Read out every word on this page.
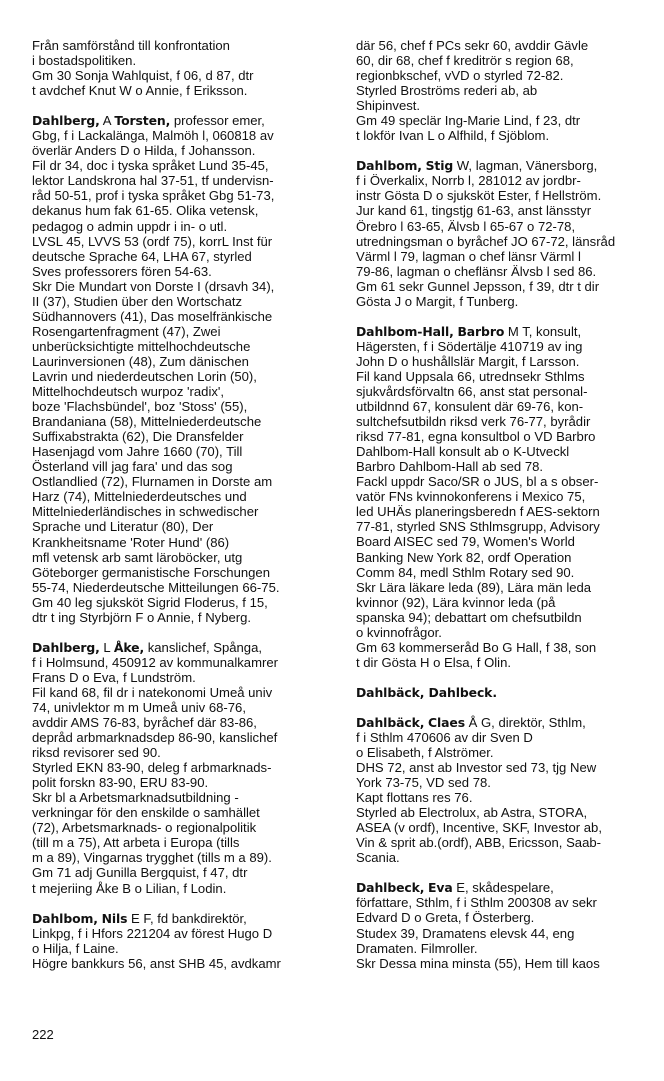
Från samförstånd till konfrontation
i bostadspolitiken.
Gm 30 Sonja Wahlquist, f 06, d 87, dtr
t avdchef Knut W o Annie, f Eriksson.
Dahlberg, A Torsten, professor emer,
Gbg, f i Lackalänga, Malmöh l, 060818 av
överlär Anders D o Hilda, f Johansson.
Fil dr 34, doc i tyska språket Lund 35-45,
lektor Landskrona hal 37-51, tf undervisn-
råd 50-51, prof i tyska språket Gbg 51-73,
dekanus hum fak 61-65. Olika vetensk,
pedagog o admin uppdr i in- o utl.
LVSL 45, LVVS 53 (ordf 75), korrL Inst für
deutsche Sprache 64, LHA 67, styrled
Sves professorers fören 54-63.
Skr Die Mundart von Dorste I (drsavh 34),
II (37), Studien über den Wortschatz
Südhannovers (41), Das moselfränkische
Rosengartenfragment (47), Zwei
unberücksichtigte mittelhochdeutsche
Laurinversionen (48), Zum dänischen
Lavrin und niederdeutschen Lorin (50),
Mittelhochdeutsch wurpoz 'radix',
boze 'Flachsbündel', boz 'Stoss' (55),
Brandaniana (58), Mittelniederdeutsche
Suffixabstrakta (62), Die Dransfelder
Hasenjagd vom Jahre 1660 (70), Till
Österland vill jag fara' und das sog
Ostlandlied (72), Flurnamen in Dorste am
Harz (74), Mittelniederdeutsches und
Mittelniederländisches in schwedischer
Sprache und Literatur (80), Der
Krankheitsname 'Roter Hund' (86)
mfl vetensk arb samt läroböcker, utg
Göteborger germanistische Forschungen
55-74, Niederdeutsche Mitteilungen 66-75.
Gm 40 leg sjuksköt Sigrid Floderus, f 15,
dtr t ing Styrbjörn F o Annie, f Nyberg.
Dahlberg, L Åke, kanslichef, Spånga,
f i Holmsund, 450912 av kommunalkamrer
Frans D o Eva, f Lundström.
Fil kand 68, fil dr i natekonomi Umeå univ
74, univlektor m m Umeå univ 68-76,
avddir AMS 76-83, byråchef där 83-86,
depråd arbmarknadsdep 86-90, kanslichef
riksd revisorer sed 90.
Styrled EKN 83-90, deleg f arbmarknads-
polit forskn 83-90, ERU 83-90.
Skr bl a Arbetsmarknadsutbildning -
verkningar för den enskilde o samhället
(72), Arbetsmarknads- o regionalpolitik
(till m a 75), Att arbeta i Europa (tills
m a 89), Vingarnas trygghet (tills m a 89).
Gm 71 adj Gunilla Bergquist, f 47, dtr
t mejeriing Åke B o Lilian, f Lodin.
Dahlbom, Nils E F, fd bankdirektör,
Linkpg, f i Hfors 221204 av förest Hugo D
o Hilja, f Laine.
Högre bankkurs 56, anst SHB 45, avdkamr
där 56, chef f PCs sekr 60, avddir Gävle
60, dir 68, chef f kreditrör s region 68,
regionbkschef, vVD o styrled 72-82.
Styrled Broströms rederi ab, ab
Shipinvest.
Gm 49 speclär Ing-Marie Lind, f 23, dtr
t lokför Ivan L o Alfhild, f Sjöblom.
Dahlbom, Stig W, lagman, Vänersborg,
f i Överkalix, Norrb l, 281012 av jordbr-
instr Gösta D o sjuksköt Ester, f Hellström.
Jur kand 61, tingstjg 61-63, anst länsstyr
Örebro l 63-65, Älvsb l 65-67 o 72-78,
utredningsman o byråchef JO 67-72, länsråd
Värml l 79, lagman o chef länsr Värml l
79-86, lagman o cheflänsr Älvsb l sed 86.
Gm 61 sekr Gunnel Jepsson, f 39, dtr t dir
Gösta J o Margit, f Tunberg.
Dahlbom-Hall, Barbro M T, konsult,
Hägersten, f i Södertälje 410719 av ing
John D o hushållslär Margit, f Larsson.
Fil kand Uppsala 66, utredns​ekr Sthlms
sjukvårdsförvaltn 66, anst stat personal-
utbildnnd 67, konsulent där 69-76, kon-
sultchefsutbildn riksd verk 76-77, byrådir
riksd 77-81, egna konsultbol o VD Barbro
Dahlbom-Hall konsult ab o K-Utveckl
Barbro Dahlbom-Hall ab sed 78.
Fackl uppdr Saco/SR o JUS, bl a s obser-
vatör FNs kvinnokonferens i Mexico 75,
led UHÄs planeringsberedn f AES-sektorn
77-81, styrled SNS Sthlmsgrupp, Advisory
Board AISEC sed 79, Women's World
Banking New York 82, ordf Operation
Comm 84, medl Sthlm Rotary sed 90.
Skr Lära läkare leda (89), Lära män leda
kvinnor (92), Lära kvinnor leda (på
spanska 94); debattart om chefsutbildn
o kvinnofrågor.
Gm 63 kommerseråd Bo G Hall, f 38, son
t dir Gösta H o Elsa, f Olin.
Dahlbäck, Dahlbeck.
Dahlbäck, Claes Å G, direktör, Sthlm,
f i Sthlm 470606 av dir Sven D
o Elisabeth, f Alströmer.
DHS 72, anst ab Investor sed 73, tjg New
York 73-75, VD sed 78.
Kapt flottans res 76.
Styrled ab Electrolux, ab Astra, STORA,
ASEA (v ordf), Incentive, SKF, Investor ab,
Vin & sprit ab.(ordf), ABB, Ericsson, Saab-
Scania.
Dahlbeck, Eva E, skådespelare,
författare, Sthlm, f i Sthlm 200308 av sekr
Edvard D o Greta, f Österberg.
Studex 39, Dramatens elevsk 44, eng
Dramaten. Filmroller.
Skr Dessa mina minsta (55), Hem till kaos
222
